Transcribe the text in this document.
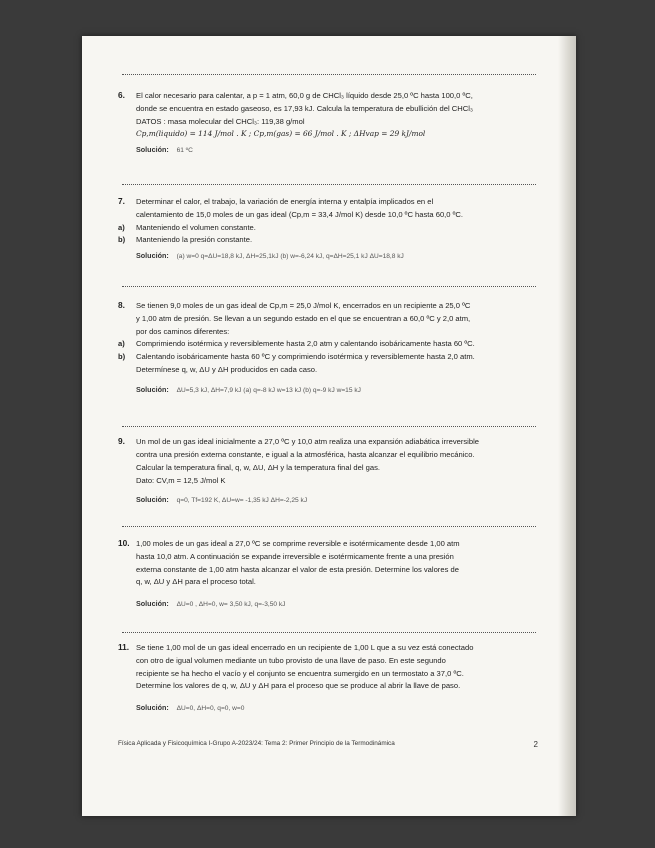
6. El calor necesario para calentar, a p = 1 atm, 60,0 g de CHCl₃ líquido desde 25,0 ºC hasta 100,0 ºC,
donde se encuentra en estado gaseoso, es 17,93 kJ. Calcula la temperatura de ebullición del CHCl₃
DATOS : masa molecular del CHCl₃: 119,38 g/mol
Cp,m(liquido) = 114 J/mol . K ; Cp,m(gas) = 66 J/mol . K ; ΔHvap = 29 kJ/mol
Solución: 61 ºC
7. Determinar el calor, el trabajo, la variación de energía interna y entalpía implicados en el
calentamiento de 15,0 moles de un gas ideal (Cp,m = 33,4 J/mol K) desde 10,0 ºC hasta 60,0 ºC.
a) Manteniendo el volumen constante.
b) Manteniendo la presión constante.
Solución: (a) w=0 q=ΔU=18,8 kJ, ΔH=25,1kJ (b) w=-6,24 kJ, q=ΔH=25,1 kJ ΔU=18,8 kJ
8. Se tienen 9,0 moles de un gas ideal de Cp,m = 25,0 J/mol K, encerrados en un recipiente a 25,0 ºC
y 1,00 atm de presión. Se llevan a un segundo estado en el que se encuentran a 60,0 ºC y 2,0 atm,
por dos caminos diferentes:
a) Comprimiendo isotérmica y reversiblemente hasta 2,0 atm y calentando isobáricamente hasta 60 ºC.
b) Calentando isobáricamente hasta 60 ºC y comprimiendo isotérmica y reversiblemente hasta 2,0 atm.
Determínese q, w, ΔU y ΔH producidos en cada caso.
Solución: ΔU=5,3 kJ, ΔH=7,9 kJ (a) q=-8 kJ w=13 kJ (b) q=-9 kJ w=15 kJ
9. Un mol de un gas ideal inicialmente a 27,0 ºC y 10,0 atm realiza una expansión adiabática irreversible
contra una presión externa constante, e igual a la atmosférica, hasta alcanzar el equilibrio mecánico.
Calcular la temperatura final, q, w, ΔU, ΔH y la temperatura final del gas.
Dato: CV,m = 12,5 J/mol K
Solución: q=0, Tf=192 K, ΔU=w= -1,35 kJ ΔH=-2,25 kJ
10. 1,00 moles de un gas ideal a 27,0 ºC se comprime reversible e isotérmicamente desde 1,00 atm
hasta 10,0 atm. A continuación se expande irreversible e isotérmicamente frente a una presión
externa constante de 1,00 atm hasta alcanzar el valor de esta presión. Determine los valores de
q, w, ΔU y ΔH para el proceso total.
Solución: ΔU=0 , ΔH=0, w= 3,50 kJ, q=-3,50 kJ
11. Se tiene 1,00 mol de un gas ideal encerrado en un recipiente de 1,00 L que a su vez está conectado
con otro de igual volumen mediante un tubo provisto de una llave de paso. En este segundo
recipiente se ha hecho el vacío y el conjunto se encuentra sumergido en un termostato a 37,0 ºC.
Determine los valores de q, w, ΔU y ΔH para el proceso que se produce al abrir la llave de paso.
Solución: ΔU=0, ΔH=0, q=0, w=0
Física Aplicada y Fisicoquímica I-Grupo A-2023/24: Tema 2: Primer Principio de la Termodinámica	2
